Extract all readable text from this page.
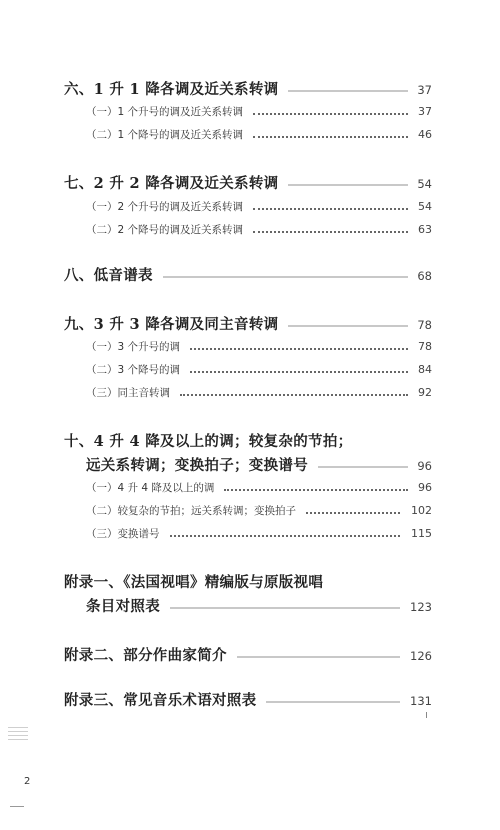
六、1 升 1 降各调及近关系转调	37
（一）1 个升号的调及近关系转调	37
（二）1 个降号的调及近关系转调	46
七、2 升 2 降各调及近关系转调	54
（一）2 个升号的调及近关系转调	54
（二）2 个降号的调及近关系转调	63
八、低音谱表	68
九、3 升 3 降各调及同主音转调	78
（一）3 个升号的调	78
（二）3 个降号的调	84
（三）同主音转调	92
十、4 升 4 降及以上的调；较复杂的节拍；
远关系转调；变换拍子；变换谱号	96
（一）4 升 4 降及以上的调	96
（二）较复杂的节拍；远关系转调；变换拍子	102
（三）变换谱号	115
附录一、《法国视唱》精编版与原版视唱
条目对照表	123
附录二、部分作曲家简介	126
附录三、常见音乐术语对照表	131
2
